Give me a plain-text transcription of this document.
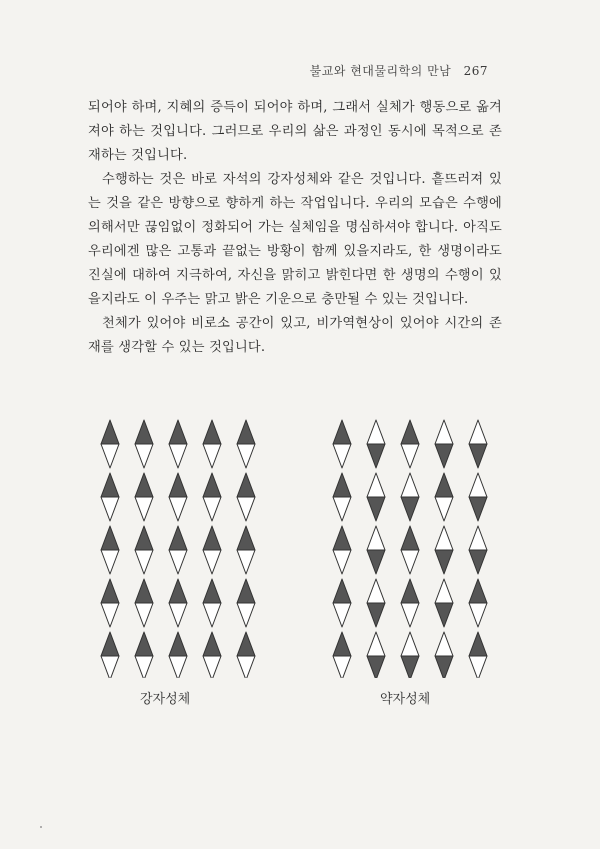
불교와 현대물리학의 만남 267

되어야 하며, 지혜의 증득이 되어야 하며, 그래서 실체가 행동으로 옮겨져야 하는 것입니다. 그러므로 우리의 삶은 과정인 동시에 목적으로 존재하는 것입니다.

수행하는 것은 바로 자석의 강자성체와 같은 것입니다. 흩뜨러져 있는 것을 같은 방향으로 향하게 하는 작업입니다. 우리의 모습은 수행에 의해서만 끊임없이 정화되어 가는 실체임을 명심하셔야 합니다. 아직도 우리에겐 많은 고통과 끝없는 방황이 함께 있을지라도, 한 생명이라도 진실에 대하여 지극하여, 자신을 맑히고 밝힌다면 한 생명의 수행이 있을지라도 이 우주는 맑고 밝은 기운으로 충만될 수 있는 것입니다.

천체가 있어야 비로소 공간이 있고, 비가역현상이 있어야 시간의 존재를 생각할 수 있는 것입니다.

강자성체	약자성체
